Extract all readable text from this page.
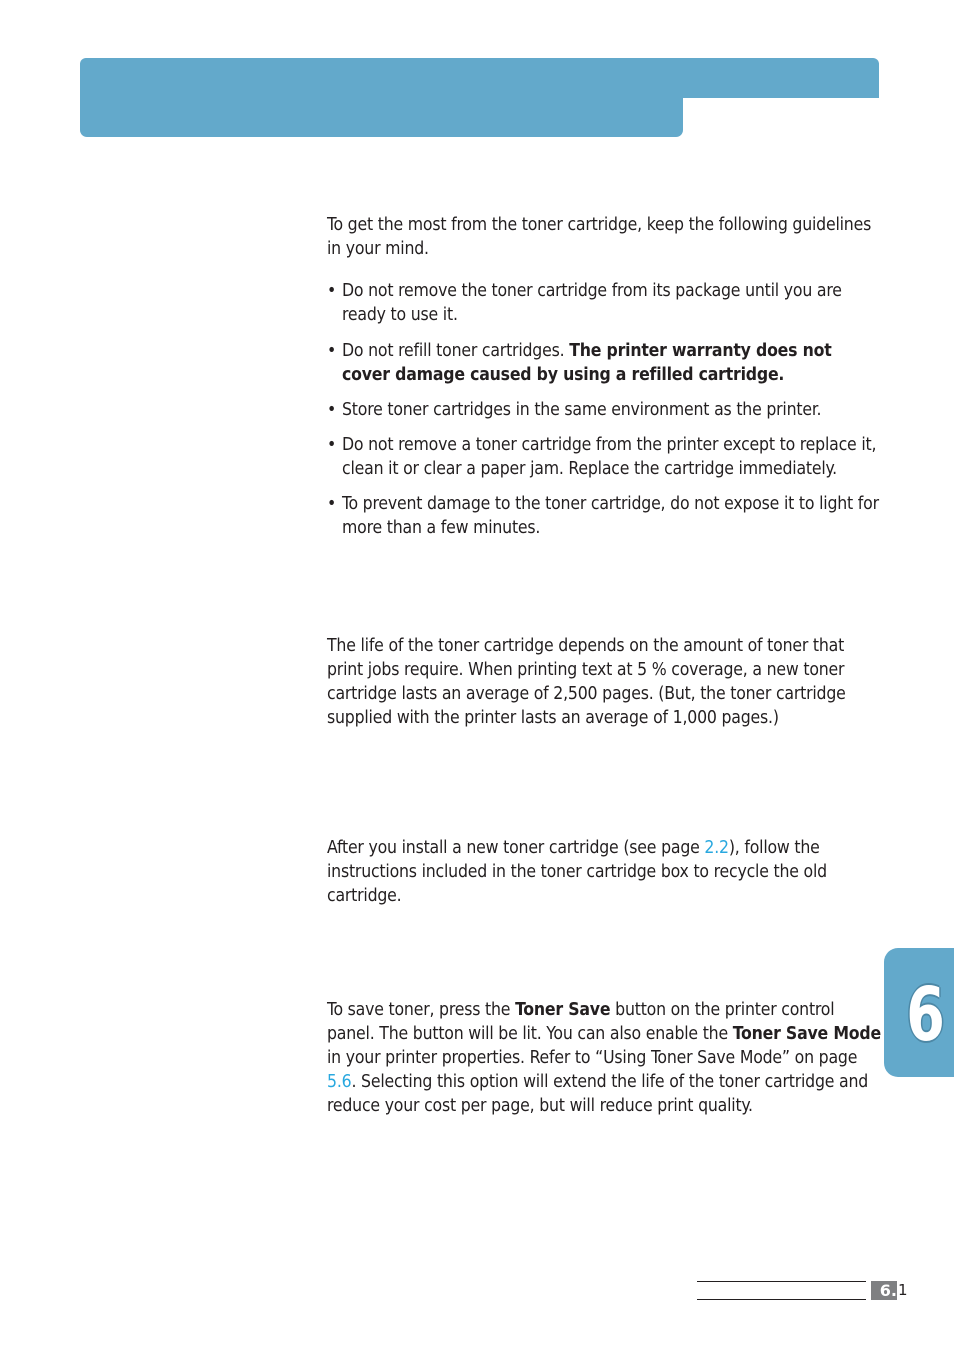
To get the most from the toner cartridge, keep the following guidelines in your mind.

• Do not remove the toner cartridge from its package until you are ready to use it.

• Do not refill toner cartridges. The printer warranty does not cover damage caused by using a refilled cartridge.

• Store toner cartridges in the same environment as the printer.

• Do not remove a toner cartridge from the printer except to replace it, clean it or clear a paper jam. Replace the cartridge immediately.

• To prevent damage to the toner cartridge, do not expose it to light for more than a few minutes.

The life of the toner cartridge depends on the amount of toner that print jobs require. When printing text at 5 % coverage, a new toner cartridge lasts an average of 2,500 pages. (But, the toner cartridge supplied with the printer lasts an average of 1,000 pages.)

After you install a new toner cartridge (see page 2.2), follow the instructions included in the toner cartridge box to recycle the old cartridge.

To save toner, press the Toner Save button on the printer control panel. The button will be lit. You can also enable the Toner Save Mode in your printer properties. Refer to “Using Toner Save Mode” on page 5.6. Selecting this option will extend the life of the toner cartridge and reduce your cost per page, but will reduce print quality.

6
6. 1
